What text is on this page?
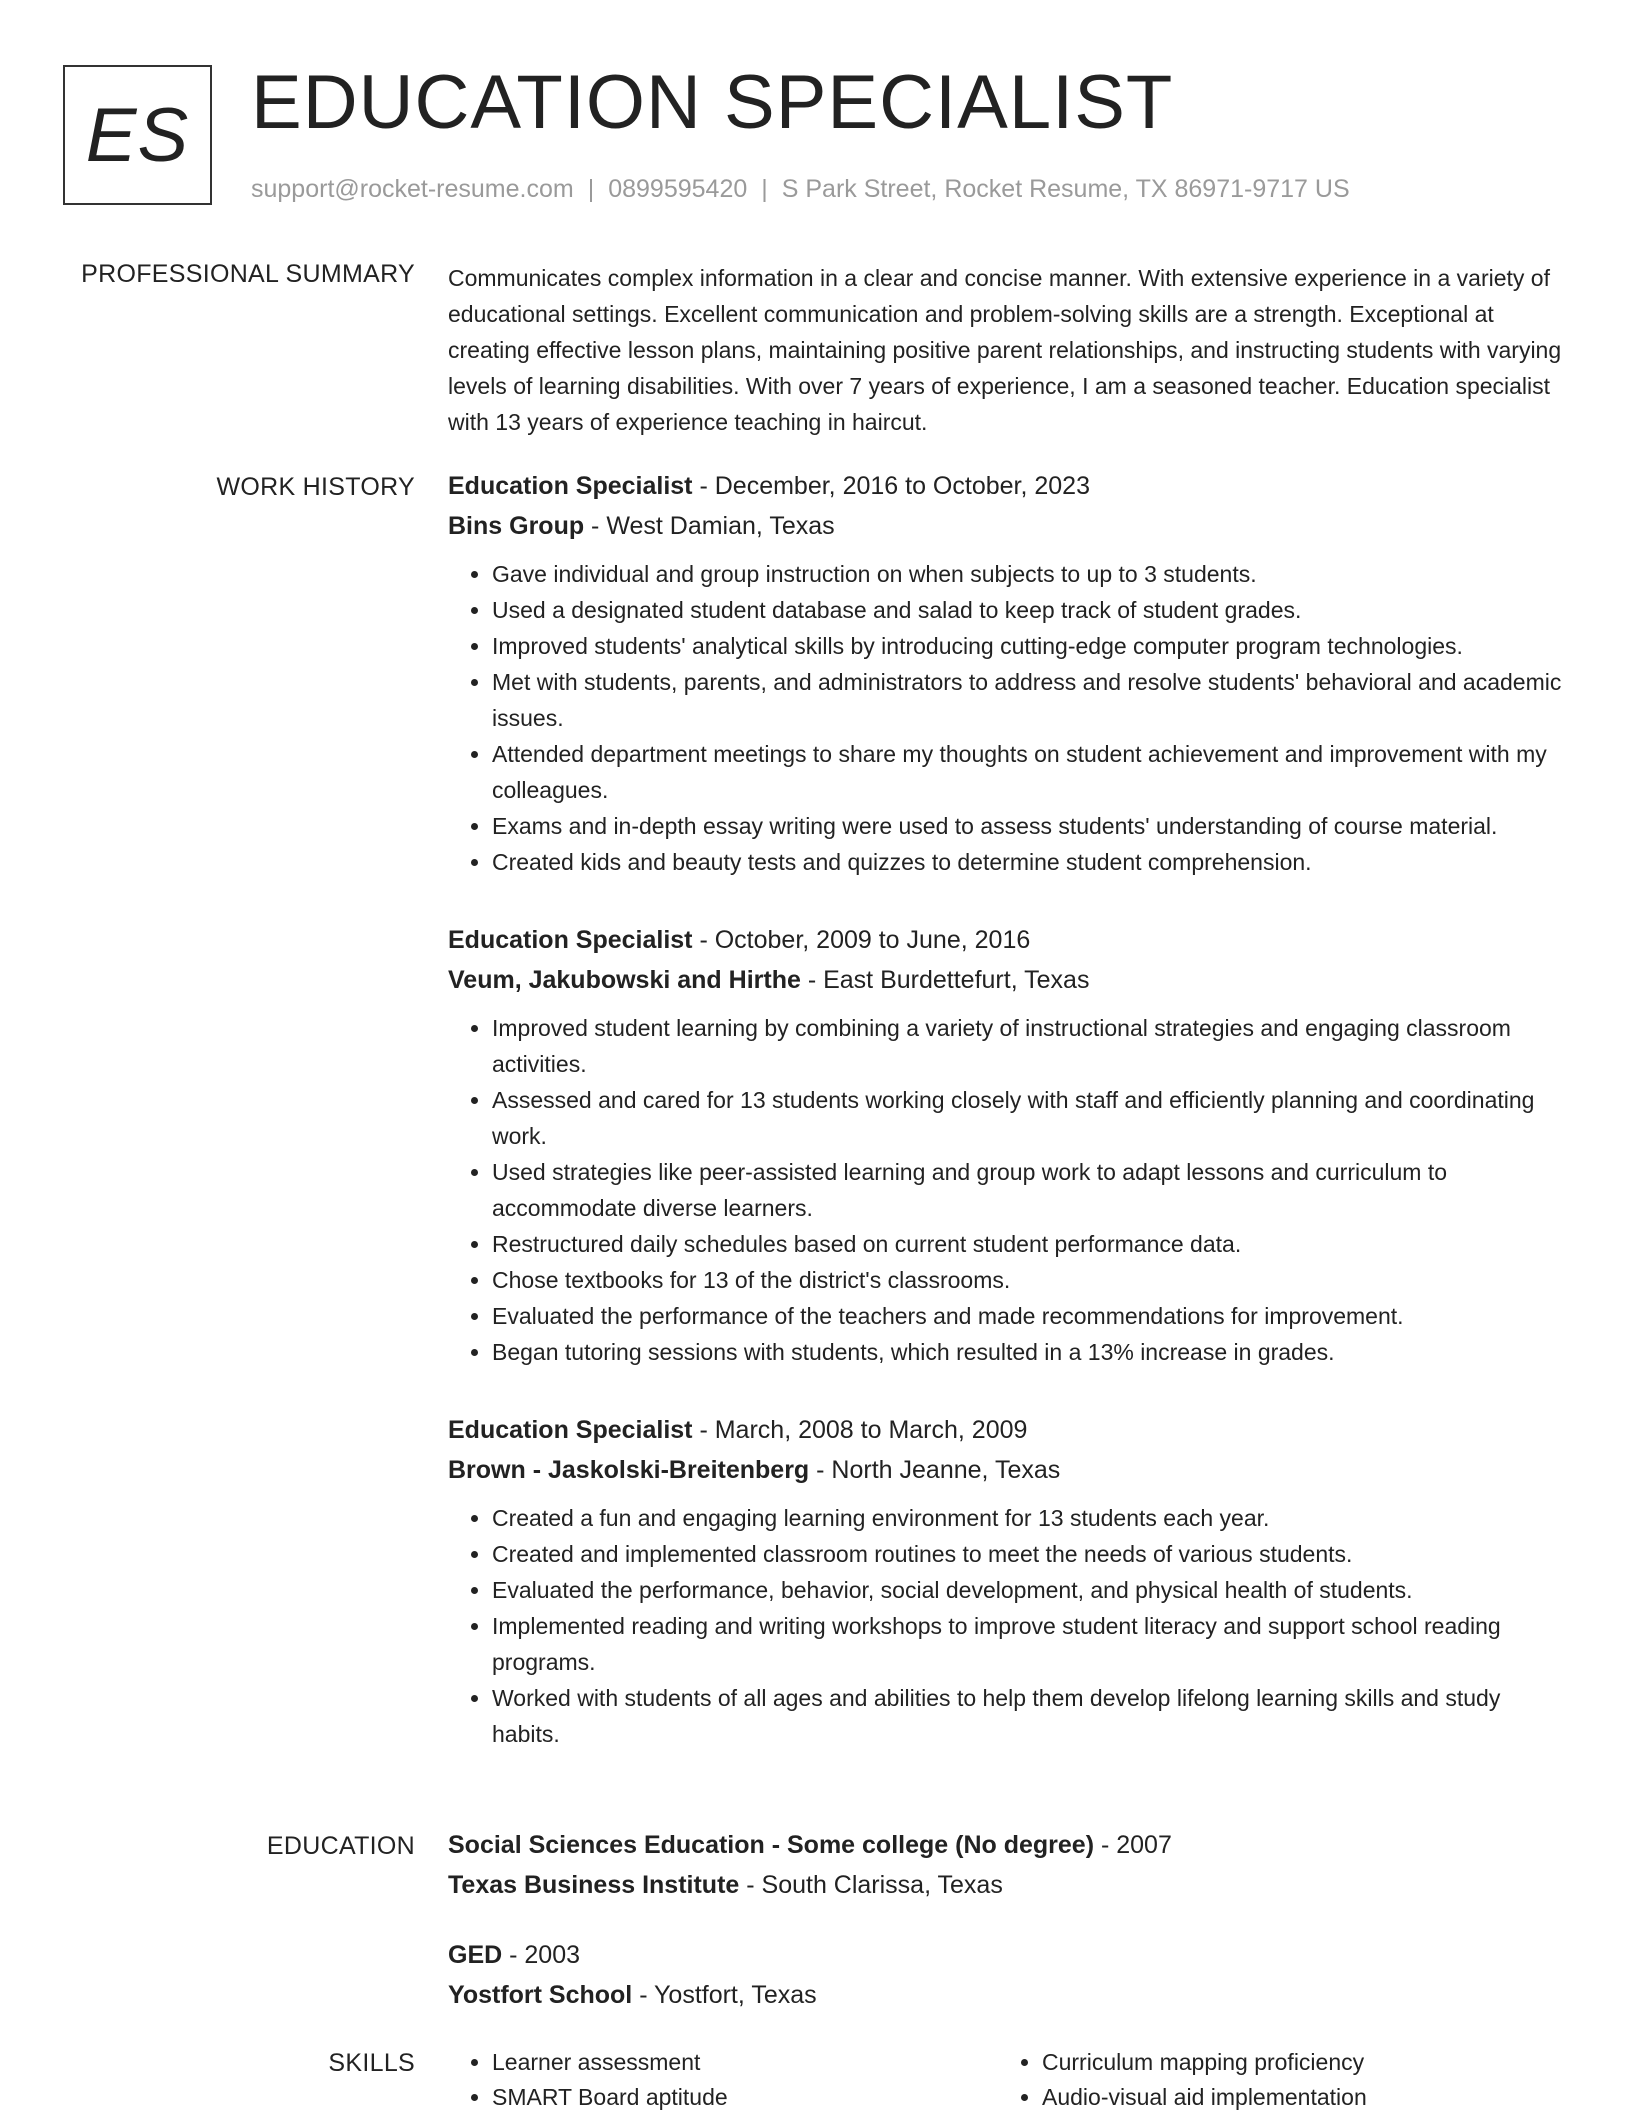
ES EDUCATION SPECIALIST
support@rocket-resume.com | 0899595420 | S Park Street, Rocket Resume, TX 86971-9717 US
PROFESSIONAL SUMMARY Communicates complex information in a clear and concise manner. With extensive experience in a variety of educational settings. Excellent communication and problem-solving skills are a strength. Exceptional at creating effective lesson plans, maintaining positive parent relationships, and instructing students with varying levels of learning disabilities. With over 7 years of experience, I am a seasoned teacher. Education specialist with 13 years of experience teaching in haircut.

WORK HISTORY Education Specialist - December, 2016 to October, 2023
Bins Group - West Damian, Texas
• Gave individual and group instruction on when subjects to up to 3 students.
• Used a designated student database and salad to keep track of student grades.
• Improved students' analytical skills by introducing cutting-edge computer program technologies.
• Met with students, parents, and administrators to address and resolve students' behavioral and academic issues.
• Attended department meetings to share my thoughts on student achievement and improvement with my colleagues.
• Exams and in-depth essay writing were used to assess students' understanding of course material.
• Created kids and beauty tests and quizzes to determine student comprehension.
Education Specialist - October, 2009 to June, 2016
Veum, Jakubowski and Hirthe - East Burdettefurt, Texas
• Improved student learning by combining a variety of instructional strategies and engaging classroom activities.
• Assessed and cared for 13 students working closely with staff and efficiently planning and coordinating work.
• Used strategies like peer-assisted learning and group work to adapt lessons and curriculum to accommodate diverse learners.
• Restructured daily schedules based on current student performance data.
• Chose textbooks for 13 of the district's classrooms.
• Evaluated the performance of the teachers and made recommendations for improvement.
• Began tutoring sessions with students, which resulted in a 13% increase in grades.
Education Specialist - March, 2008 to March, 2009
Brown - Jaskolski-Breitenberg - North Jeanne, Texas
• Created a fun and engaging learning environment for 13 students each year.
• Created and implemented classroom routines to meet the needs of various students.
• Evaluated the performance, behavior, social development, and physical health of students.
• Implemented reading and writing workshops to improve student literacy and support school reading programs.
• Worked with students of all ages and abilities to help them develop lifelong learning skills and study habits.
EDUCATION Social Sciences Education - Some college (No degree) - 2007
Texas Business Institute - South Clarissa, Texas
GED - 2003
Yostfort School - Yostfort, Texas
SKILLS
•	Learner assessment
• SMART Board aptitude
• Curriculum mapping proficiency
• Audio-visual aid implementation
